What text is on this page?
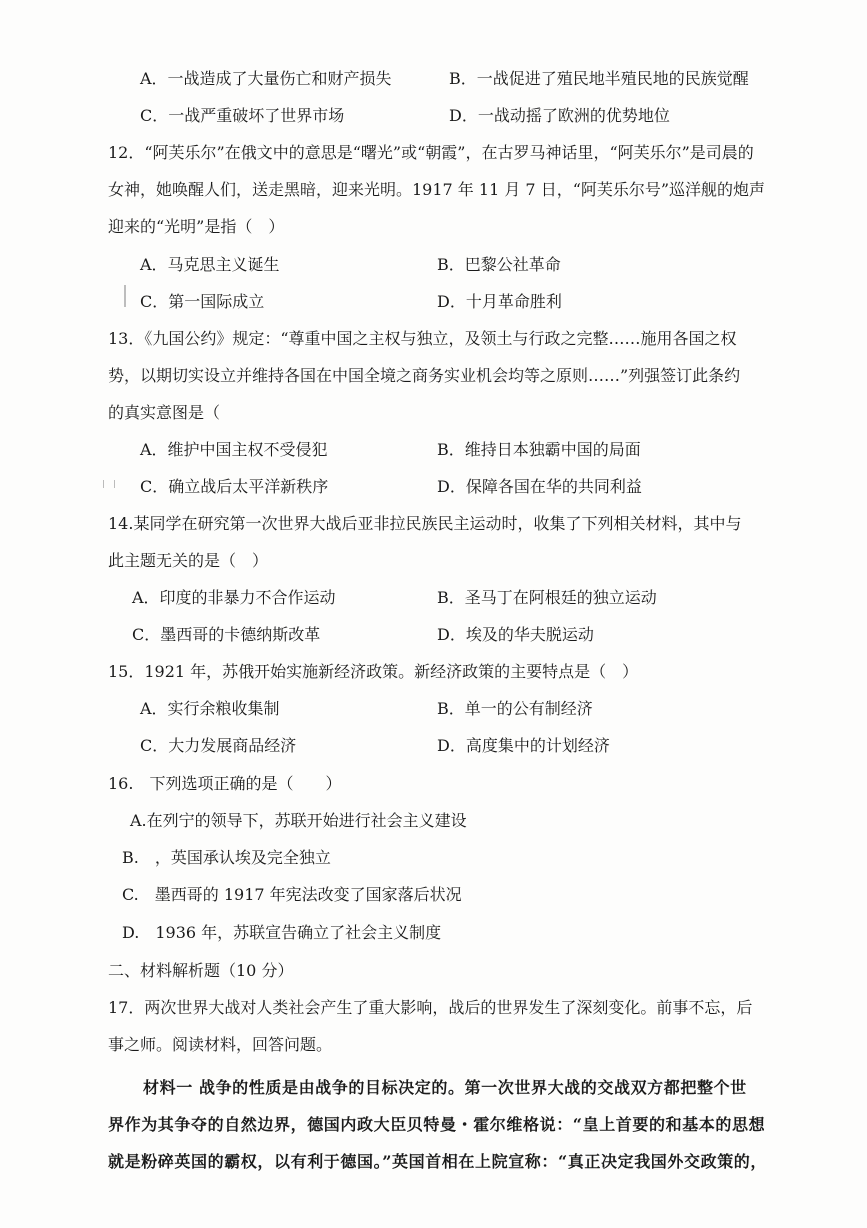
A．一战造成了大量伤亡和财产损失	B．一战促进了殖民地半殖民地的民族觉醒
C．一战严重破坏了世界市场	D．一战动摇了欧洲的优势地位
12．“阿芙乐尔”在俄文中的意思是“曙光”或“朝霞”，在古罗马神话里，“阿芙乐尔”是司晨的
女神，她唤醒人们，送走黑暗，迎来光明。1917 年 11 月 7 日，“阿芙乐尔号”巡洋舰的炮声
迎来的“光明”是指（　）
A．马克思主义诞生	B．巴黎公社革命
C．第一国际成立	D．十月革命胜利
13．《九国公约》规定：“尊重中国之主权与独立，及领土与行政之完整……施用各国之权
势，以期切实设立并维持各国在中国全境之商务实业机会均等之原则……”列强签订此条约
的真实意图是（
A．维护中国主权不受侵犯	B．维持日本独霸中国的局面
C．确立战后太平洋新秩序	D．保障各国在华的共同利益
14.某同学在研究第一次世界大战后亚非拉民族民主运动时，收集了下列相关材料，其中与
此主题无关的是（　）
A．印度的非暴力不合作运动	B．圣马丁在阿根廷的独立运动
C．墨西哥的卡德纳斯改革	D．埃及的华夫脱运动
15．1921 年，苏俄开始实施新经济政策。新经济政策的主要特点是（　）
A．实行余粮收集制	B．单一的公有制经济
C．大力发展商品经济	D．高度集中的计划经济
16.　下列选项正确的是（　　）
A.在列宁的领导下，苏联开始进行社会主义建设
B.　，英国承认埃及完全独立
C.　墨西哥的 1917 年宪法改变了国家落后状况
D.　1936 年，苏联宣告确立了社会主义制度
二、材料解析题（10 分）
17．两次世界大战对人类社会产生了重大影响，战后的世界发生了深刻变化。前事不忘，后
事之师。阅读材料，回答问题。
材料一 战争的性质是由战争的目标决定的。第一次世界大战的交战双方都把整个世
界作为其争夺的自然边界，德国内政大臣贝特曼・霍尔维格说：“皇上首要的和基本的思想
就是粉碎英国的霸权，以有利于德国。”英国首相在上院宣称：“真正决定我国外交政策的，
